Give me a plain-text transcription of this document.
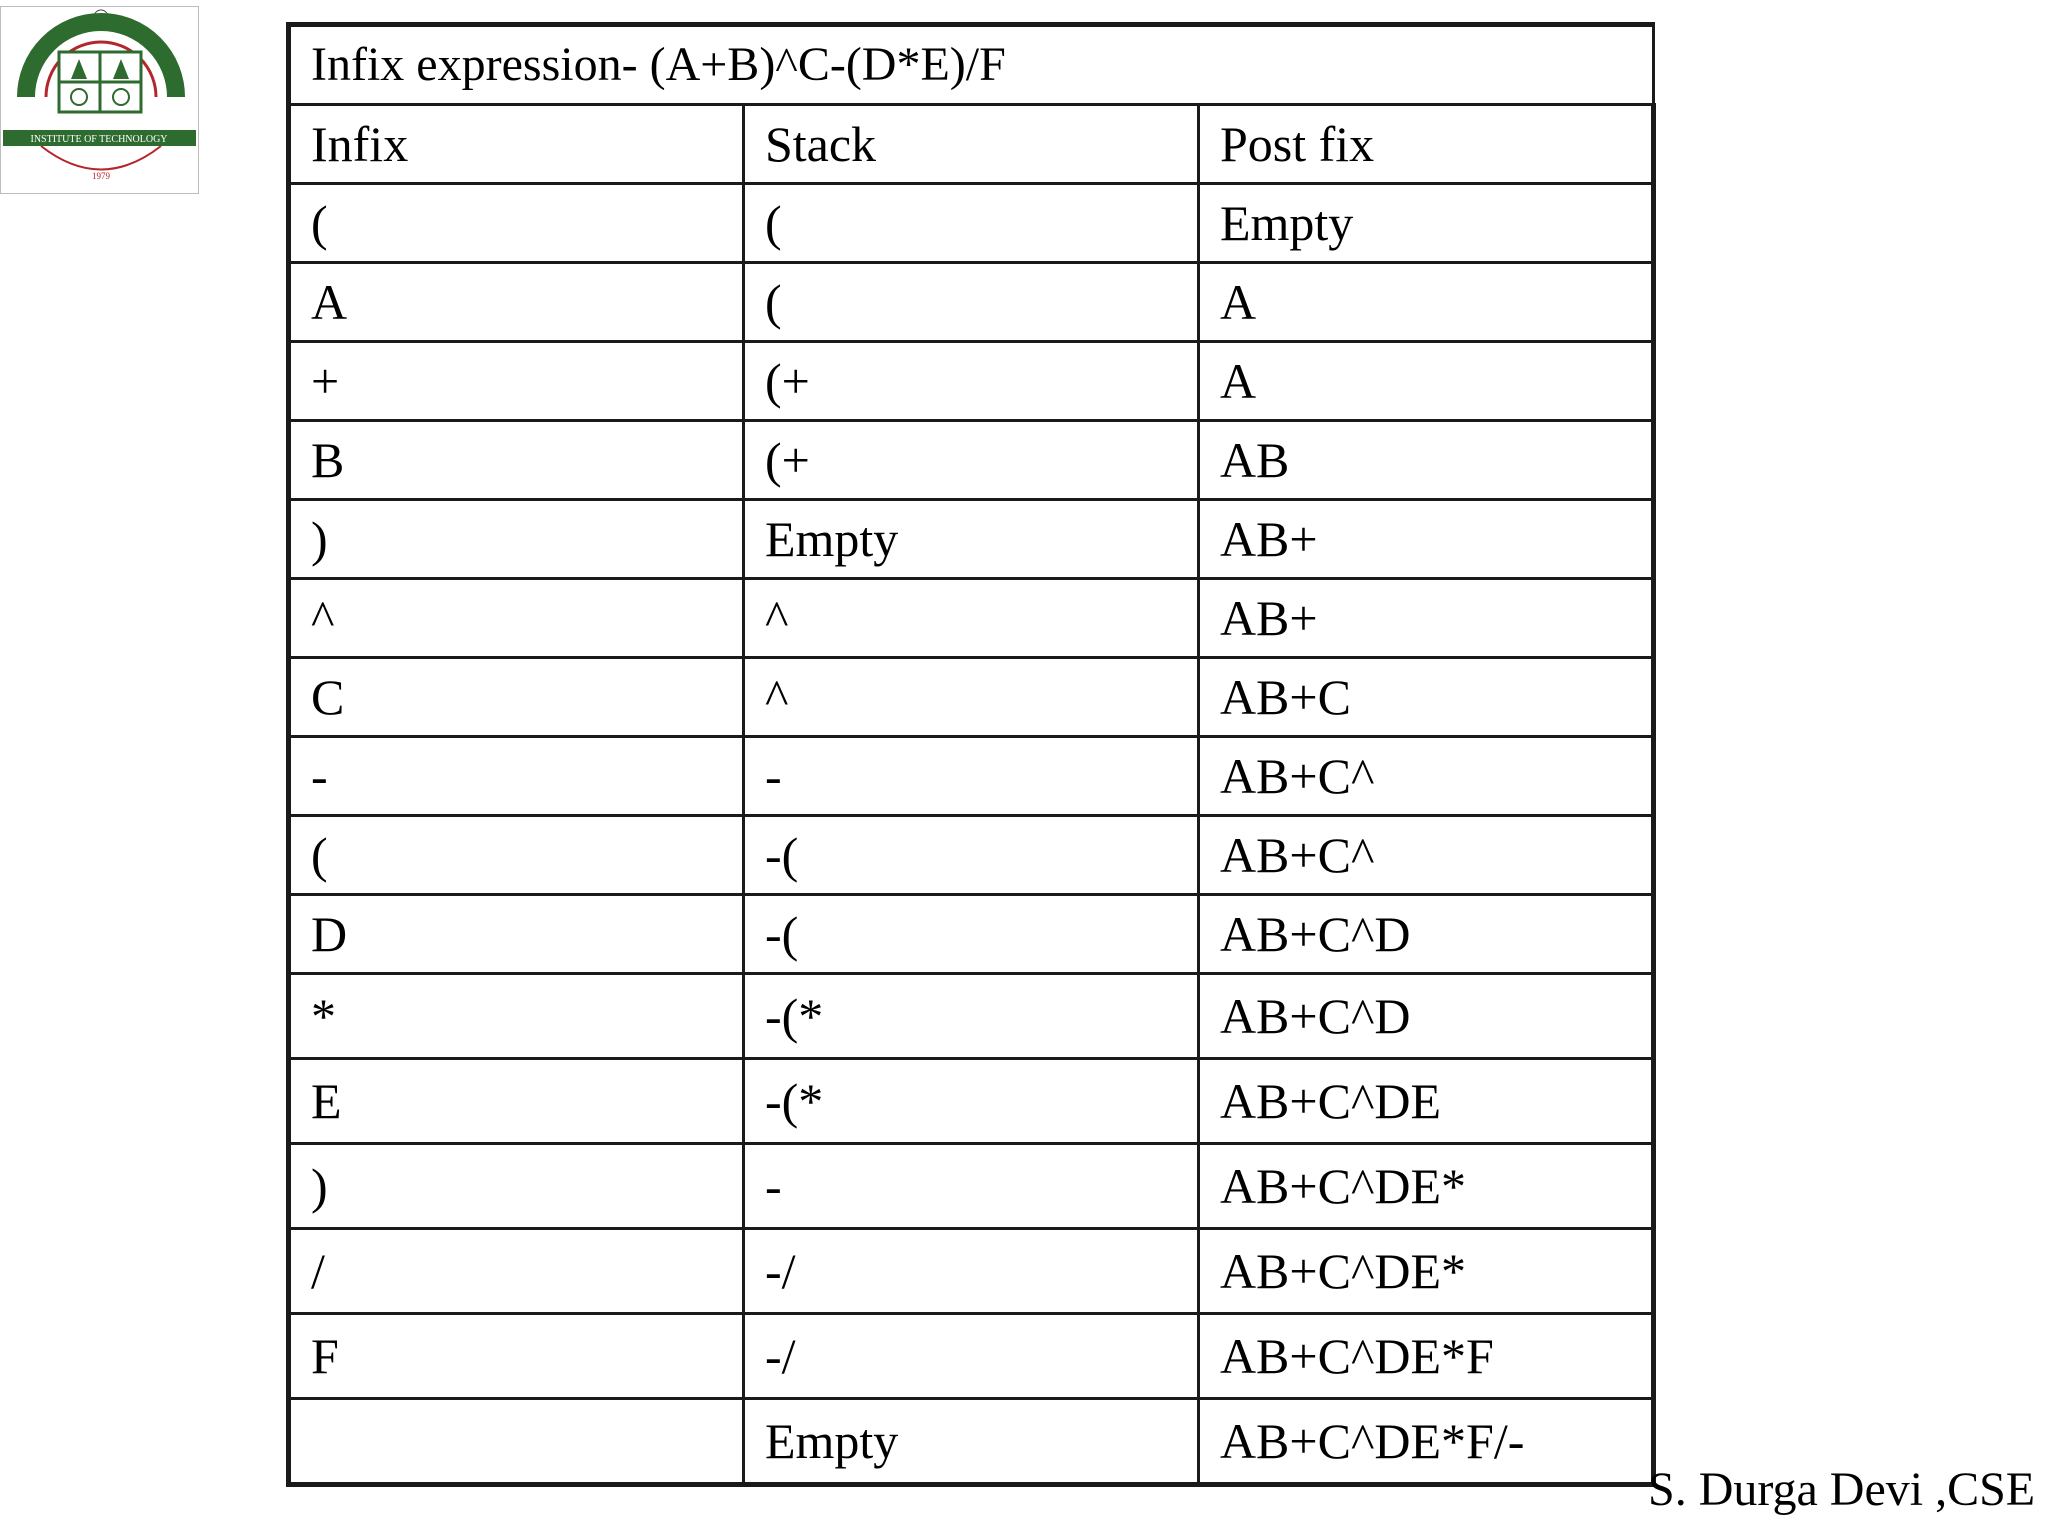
INSTITUTE OF TECHNOLOGY
1979
Infix expression- (A+B)^C-(D*E)/F		
Infix	Stack	Post fix
(	(	Empty
A	(	A
+	(+	A
B	(+	AB
)	Empty	AB+
^	^	AB+
C	^	AB+C
-	-	AB+C^
(	-(	AB+C^
D	-(	AB+C^D
*	-(*	AB+C^D
E	-(*	AB+C^DE
)	-	AB+C^DE*
/	-/	AB+C^DE*
F	-/	AB+C^DE*F
	Empty	AB+C^DE*F/-
S. Durga Devi ,CSE
